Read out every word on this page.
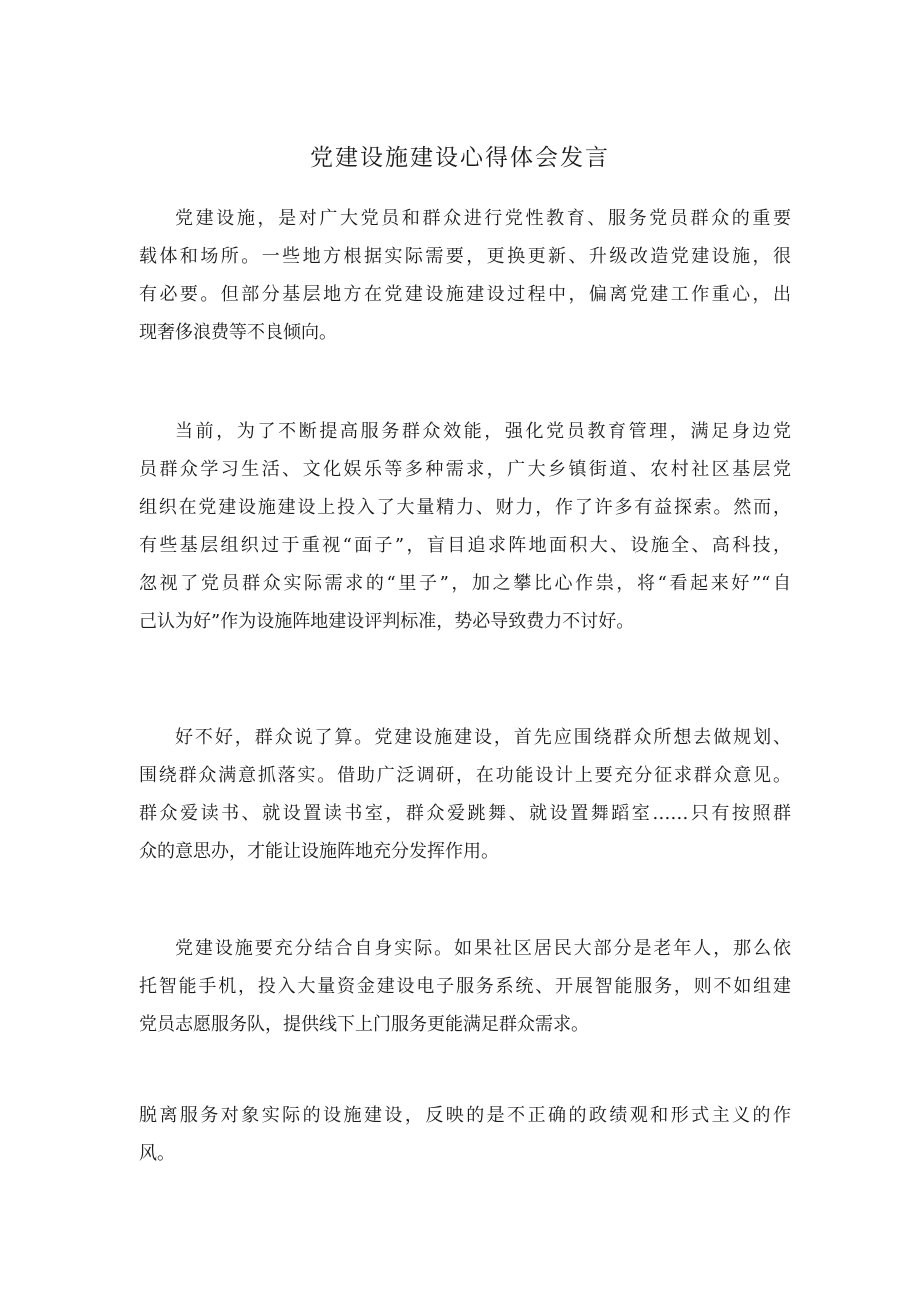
党建设施建设心得体会发言
党建设施，是对广大党员和群众进行党性教育、服务党员群众的重要
载体和场所。一些地方根据实际需要，更换更新、升级改造党建设施，很
有必要。但部分基层地方在党建设施建设过程中，偏离党建工作重心，出
现奢侈浪费等不良倾向。
当前，为了不断提高服务群众效能，强化党员教育管理，满足身边党
员群众学习生活、文化娱乐等多种需求，广大乡镇街道、农村社区基层党
组织在党建设施建设上投入了大量精力、财力，作了许多有益探索。然而，
有些基层组织过于重视“面子”，盲目追求阵地面积大、设施全、高科技，
忽视了党员群众实际需求的“里子”，加之攀比心作祟，将“看起来好”“自
己认为好”作为设施阵地建设评判标准，势必导致费力不讨好。
好不好，群众说了算。党建设施建设，首先应围绕群众所想去做规划、
围绕群众满意抓落实。借助广泛调研，在功能设计上要充分征求群众意见。
群众爱读书、就设置读书室，群众爱跳舞、就设置舞蹈室……只有按照群
众的意思办，才能让设施阵地充分发挥作用。
党建设施要充分结合自身实际。如果社区居民大部分是老年人，那么依
托智能手机，投入大量资金建设电子服务系统、开展智能服务，则不如组建
党员志愿服务队，提供线下上门服务更能满足群众需求。
脱离服务对象实际的设施建设，反映的是不正确的政绩观和形式主义的作
风。
